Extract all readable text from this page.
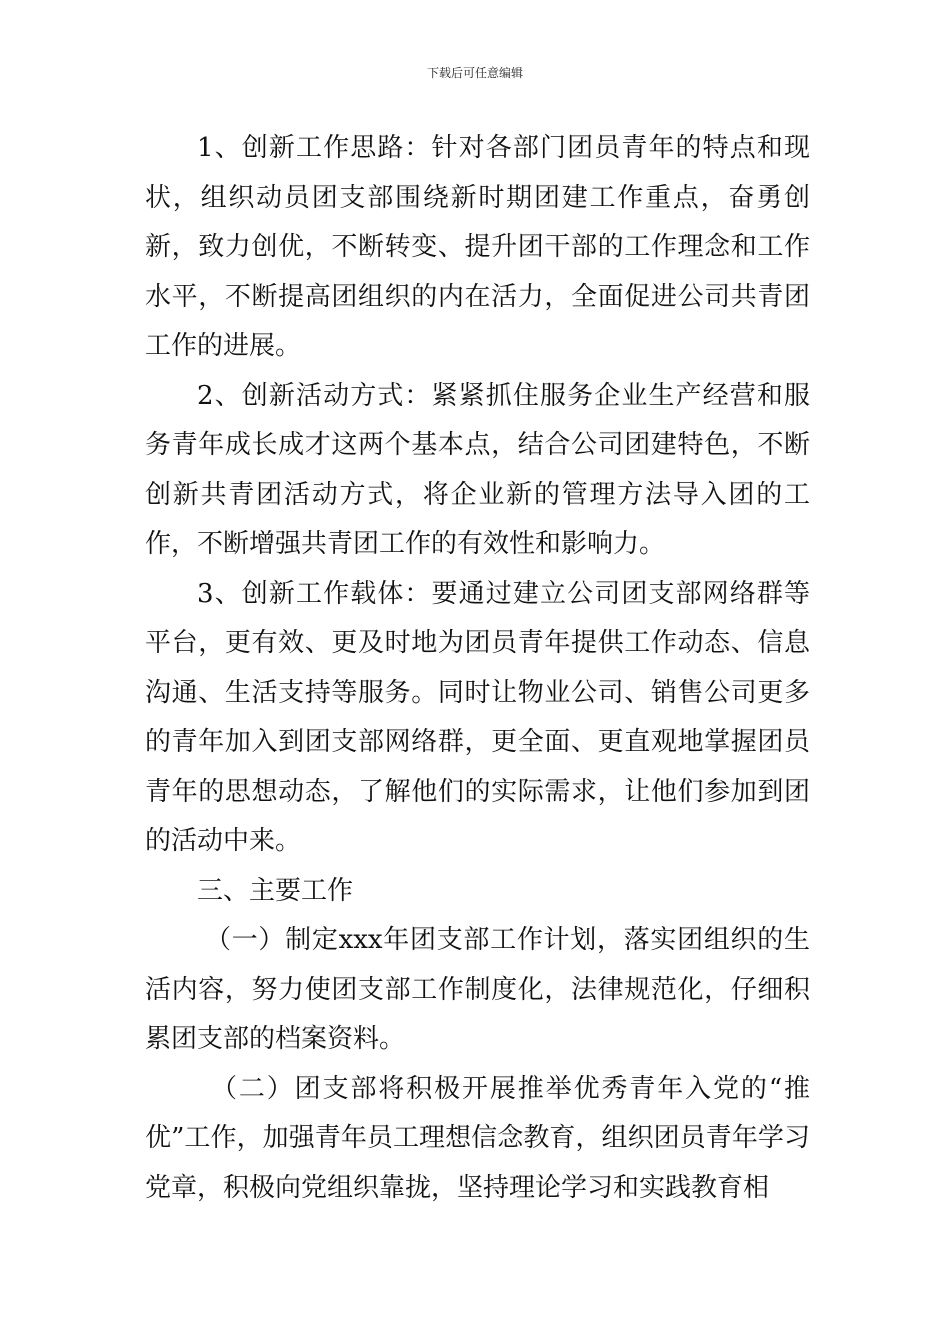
下载后可任意编辑

1、创新工作思路：针对各部门团员青年的特点和现状，组织动员团支部围绕新时期团建工作重点，奋勇创新，致力创优，不断转变、提升团干部的工作理念和工作水平，不断提高团组织的内在活力，全面促进公司共青团工作的进展。

2、创新活动方式：紧紧抓住服务企业生产经营和服务青年成长成才这两个基本点，结合公司团建特色，不断创新共青团活动方式，将企业新的管理方法导入团的工作，不断增强共青团工作的有效性和影响力。

3、创新工作载体：要通过建立公司团支部网络群等平台，更有效、更及时地为团员青年提供工作动态、信息沟通、生活支持等服务。同时让物业公司、销售公司更多的青年加入到团支部网络群，更全面、更直观地掌握团员青年的思想动态，了解他们的实际需求，让他们参加到团的活动中来。

三、主要工作

（一）制定xxx年团支部工作计划，落实团组织的生活内容，努力使团支部工作制度化，法律规范化，仔细积累团支部的档案资料。

（二）团支部将积极开展推举优秀青年入党的“推优”工作，加强青年员工理想信念教育，组织团员青年学习党章，积极向党组织靠拢，坚持理论学习和实践教育相
